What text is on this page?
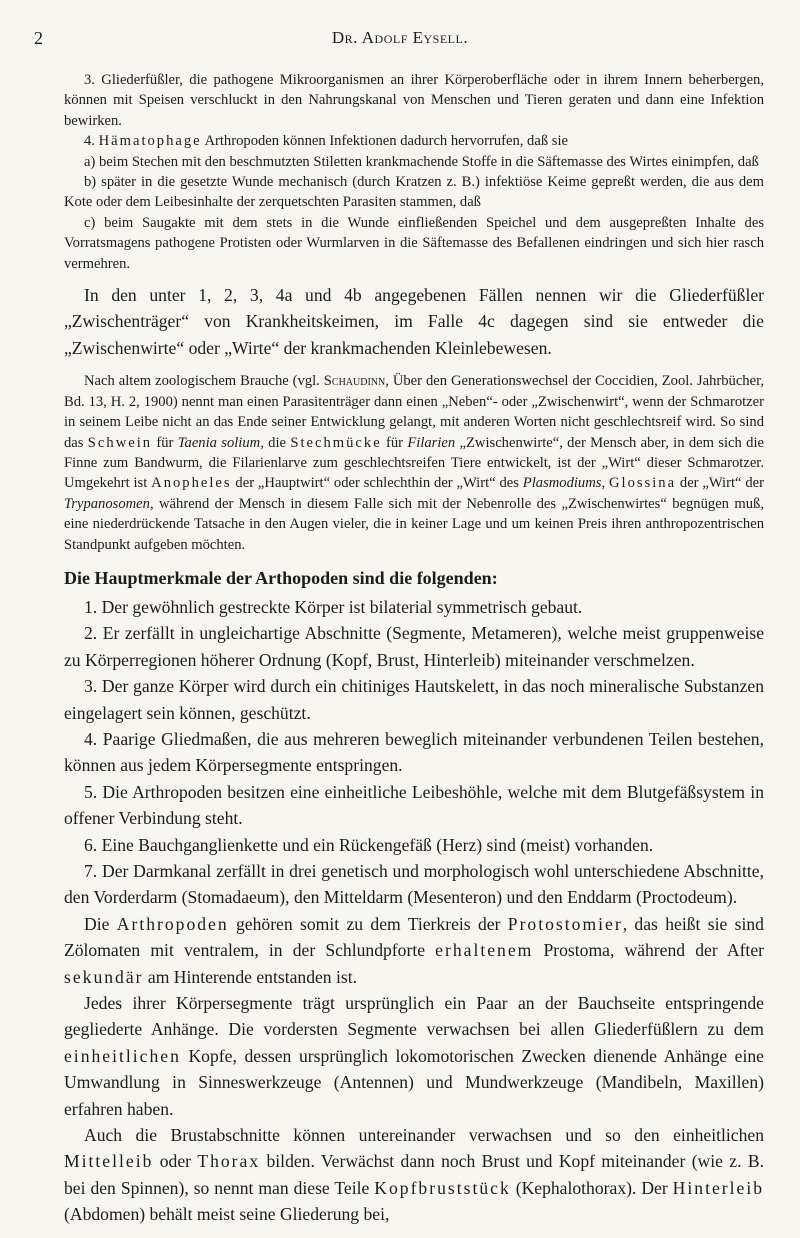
2	Dr. Adolf Eysell.

3. Gliederfüßler, die pathogene Mikroorganismen an ihrer Körperoberfläche oder in ihrem Innern beherbergen, können mit Speisen verschluckt in den Nahrungskanal von Menschen und Tieren geraten und dann eine Infektion bewirken.

4. Hämatophage Arthropoden können Infektionen dadurch hervorrufen, daß sie

a) beim Stechen mit den beschmutzten Stiletten krankmachende Stoffe in die Säftemasse des Wirtes einimpfen, daß

b) später in die gesetzte Wunde mechanisch (durch Kratzen z. B.) infektiöse Keime gepreßt werden, die aus dem Kote oder dem Leibesinhalte der zerquetschten Parasiten stammen, daß

c) beim Saugakte mit dem stets in die Wunde einfließenden Speichel und dem ausgepreßten Inhalte des Vorratsmagens pathogene Protisten oder Wurmlarven in die Säftemasse des Befallenen eindringen und sich hier rasch vermehren.

In den unter 1, 2, 3, 4a und 4b angegebenen Fällen nennen wir die Gliederfüßler „Zwischenträger“ von Krankheitskeimen, im Falle 4c dagegen sind sie entweder die „Zwischenwirte“ oder „Wirte“ der krankmachenden Kleinlebewesen.

Nach altem zoologischem Brauche (vgl. Schaudinn, Über den Generationswechsel der Coccidien, Zool. Jahrbücher, Bd. 13, H. 2, 1900) nennt man einen Parasitenträger dann einen „Neben“- oder „Zwischenwirt“, wenn der Schmarotzer in seinem Leibe nicht an das Ende seiner Entwicklung gelangt, mit anderen Worten nicht geschlechtsreif wird. So sind das Schwein für Taenia solium, die Stechmücke für Filarien „Zwischenwirte“, der Mensch aber, in dem sich die Finne zum Bandwurm, die Filarienlarve zum geschlechtsreifen Tiere entwickelt, ist der „Wirt“ dieser Schmarotzer. Umgekehrt ist Anopheles der „Hauptwirt“ oder schlechthin der „Wirt“ des Plasmodiums, Glossina der „Wirt“ der Trypanosomen, während der Mensch in diesem Falle sich mit der Nebenrolle des „Zwischenwirtes“ begnügen muß, eine niederdrückende Tatsache in den Augen vieler, die in keiner Lage und um keinen Preis ihren anthropozentrischen Standpunkt aufgeben möchten.

Die Hauptmerkmale der Arthopoden sind die folgenden:

1. Der gewöhnlich gestreckte Körper ist bilaterial symmetrisch gebaut.

2. Er zerfällt in ungleichartige Abschnitte (Segmente, Metameren), welche meist gruppenweise zu Körperregionen höherer Ordnung (Kopf, Brust, Hinterleib) miteinander verschmelzen.

3. Der ganze Körper wird durch ein chitiniges Hautskelett, in das noch mineralische Substanzen eingelagert sein können, geschützt.

4. Paarige Gliedmaßen, die aus mehreren beweglich miteinander verbundenen Teilen bestehen, können aus jedem Körpersegmente entspringen.

5. Die Arthropoden besitzen eine einheitliche Leibeshöhle, welche mit dem Blutgefäßsystem in offener Verbindung steht.

6. Eine Bauchganglienkette und ein Rückengefäß (Herz) sind (meist) vorhanden.

7. Der Darmkanal zerfällt in drei genetisch und morphologisch wohl unterschiedene Abschnitte, den Vorderdarm (Stomadaeum), den Mitteldarm (Mesenteron) und den Enddarm (Proctodeum).

Die Arthropoden gehören somit zu dem Tierkreis der Protostomier, das heißt sie sind Zölomaten mit ventralem, in der Schlundpforte erhaltenem Prostoma, während der After sekundär am Hinterende entstanden ist.

Jedes ihrer Körpersegmente trägt ursprünglich ein Paar an der Bauchseite entspringende gegliederte Anhänge. Die vordersten Segmente verwachsen bei allen Gliederfüßlern zu dem einheitlichen Kopfe, dessen ursprünglich lokomotorischen Zwecken dienende Anhänge eine Umwandlung in Sinneswerkzeuge (Antennen) und Mundwerkzeuge (Mandibeln, Maxillen) erfahren haben.

Auch die Brustabschnitte können untereinander verwachsen und so den einheitlichen Mittelleib oder Thorax bilden. Verwächst dann noch Brust und Kopf miteinander (wie z. B. bei den Spinnen), so nennt man diese Teile Kopfbruststück (Kephalothorax). Der Hinterleib (Abdomen) behält meist seine Gliederung bei,
